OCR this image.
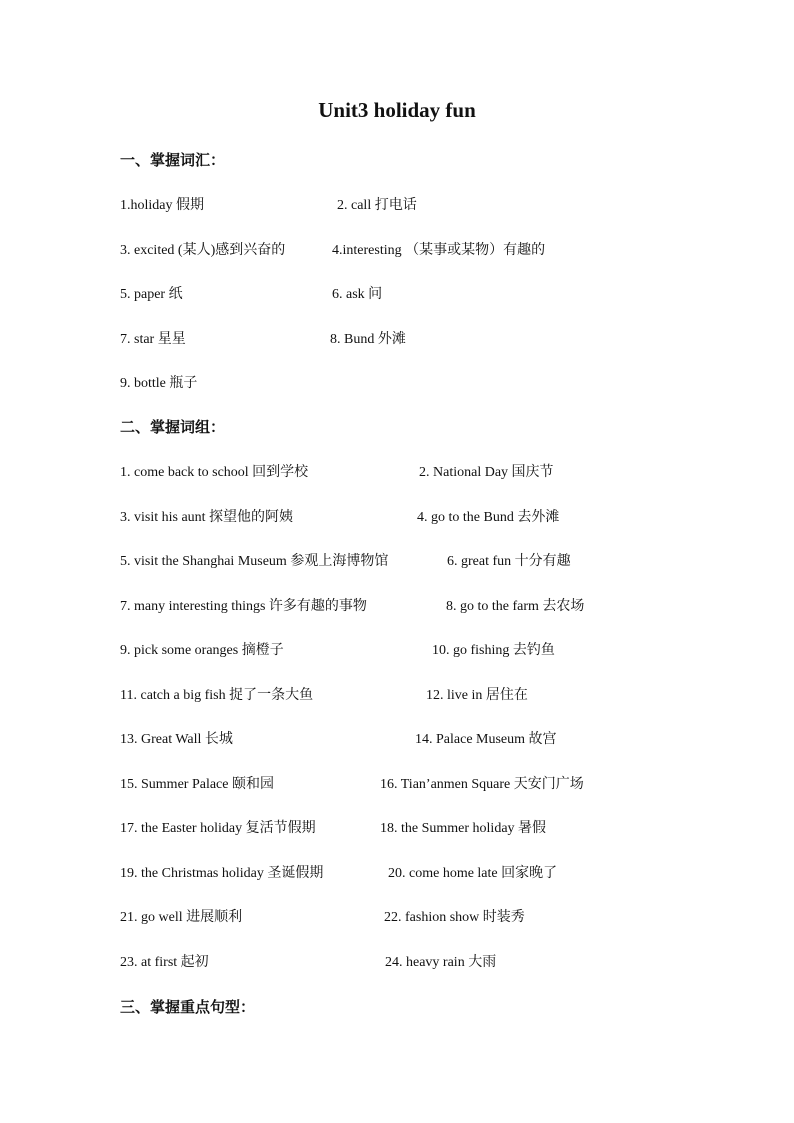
Unit3 holiday fun
一、掌握词汇：
1.holiday 假期	2. call 打电话
3. excited (某人)感到兴奋的	4.interesting （某事或某物）有趣的
5. paper 纸	6. ask 问
7. star 星星	8. Bund 外滩
9. bottle 瓶子
二、掌握词组：
1. come back to school 回到学校	2. National Day 国庆节
3. visit his aunt 探望他的阿姨	4. go to the Bund 去外滩
5. visit the Shanghai Museum 参观上海博物馆	6. great fun 十分有趣
7. many interesting things 许多有趣的事物	8. go to the farm 去农场
9. pick some oranges 摘橙子	10. go fishing 去钓鱼
11. catch a big fish 捉了一条大鱼	12. live in 居住在
13. Great Wall 长城	14. Palace Museum 故宫
15. Summer Palace 颐和园	16. Tian’anmen Square 天安门广场
17. the Easter holiday 复活节假期	18. the Summer holiday 暑假
19. the Christmas holiday 圣诞假期	20. come home late 回家晚了
21. go well 进展顺利	22. fashion show 时装秀
23. at first 起初	24. heavy rain 大雨
三、掌握重点句型：
